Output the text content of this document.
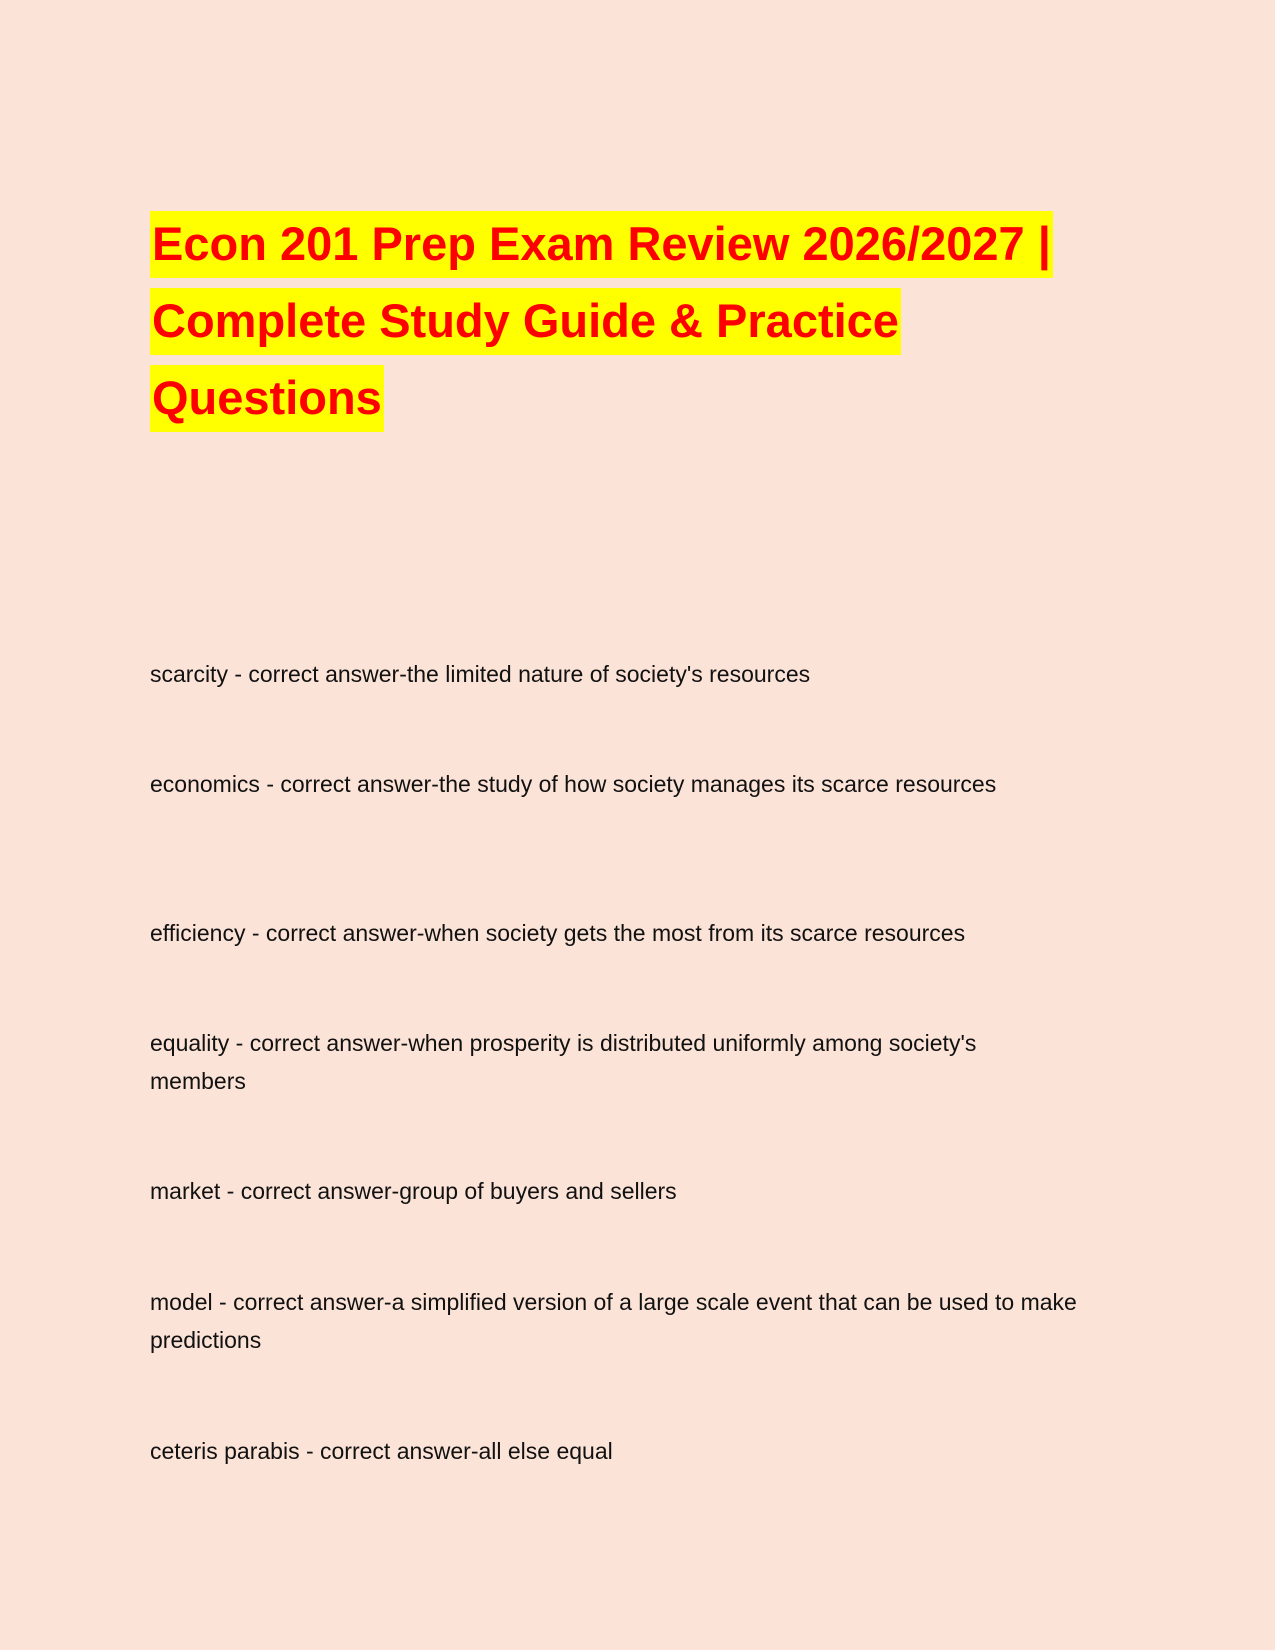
Econ 201 Prep Exam Review 2026/2027 | Complete Study Guide & Practice Questions

scarcity - correct answer-the limited nature of society's resources

economics - correct answer-the study of how society manages its scarce resources

efficiency - correct answer-when society gets the most from its scarce resources

equality - correct answer-when prosperity is distributed uniformly among society's members

market - correct answer-group of buyers and sellers

model - correct answer-a simplified version of a large scale event that can be used to make predictions

ceteris parabis - correct answer-all else equal
